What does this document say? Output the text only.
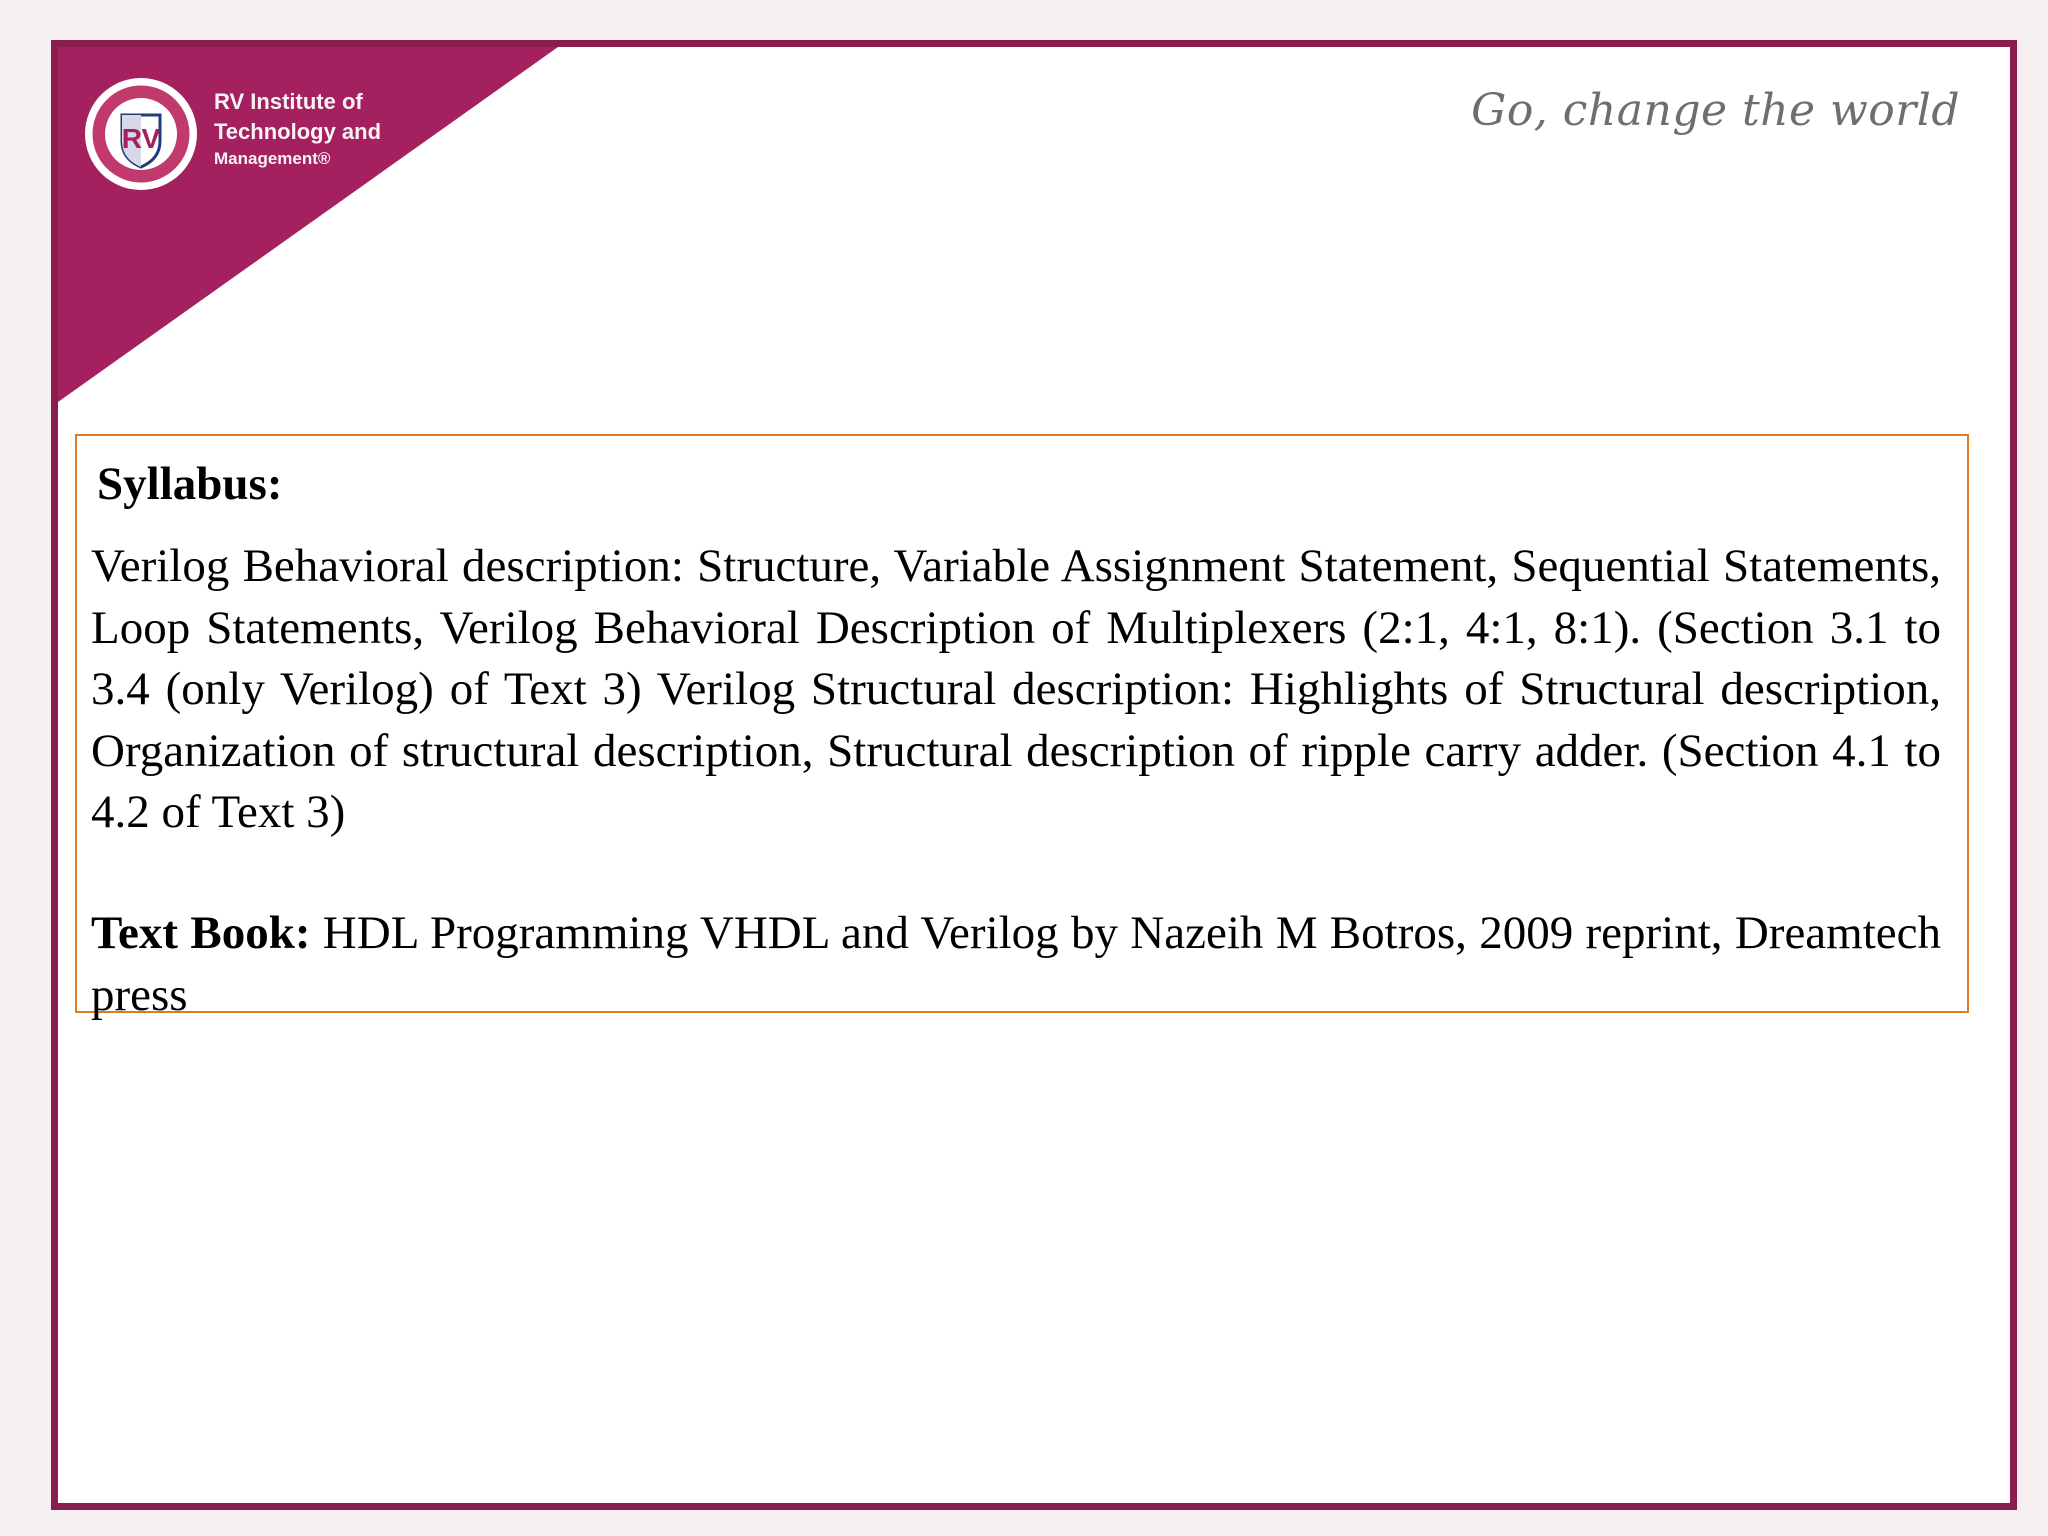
RV
RV Institute of
Technology and
Management®
Go, change the world
Syllabus:

Verilog Behavioral description: Structure, Variable Assignment Statement, Sequential Statements, Loop Statements, Verilog Behavioral Description of Multiplexers (2:1, 4:1, 8:1). (Section 3.1 to 3.4 (only Verilog) of Text 3) Verilog Structural description: Highlights of Structural description, Organization of structural description, Structural description of ripple carry adder. (Section 4.1 to 4.2 of Text 3)

Text Book: HDL Programming VHDL and Verilog by Nazeih M Botros, 2009 reprint, Dreamtech press
